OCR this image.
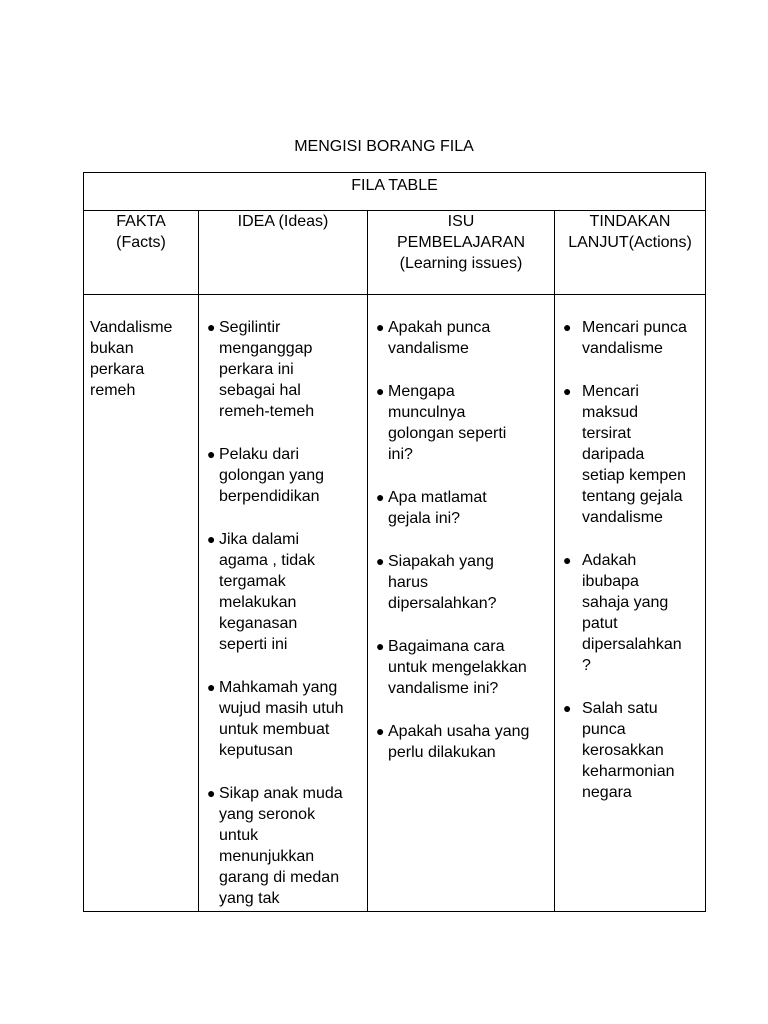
MENGISI BORANG FILA
FILA TABLE
FAKTA
(Facts)
Vandalisme
bukan
perkara
remeh
IDEA (Ideas)
● Segilintir
menganggap
perkara ini
sebagai hal
remeh-temeh
● Pelaku dari
golongan yang
berpendidikan
● Jika dalami
agama , tidak
tergamak
melakukan
keganasan
seperti ini
● Mahkamah yang
wujud masih utuh
untuk membuat
keputusan
● Sikap anak muda
yang seronok
untuk
menunjukkan
garang di medan
yang tak
ISU
PEMBELAJARAN
(Learning issues)
● Apakah punca
vandalisme
● Mengapa
munculnya
golongan seperti
ini?
● Apa matlamat
gejala ini?
● Siapakah yang
harus
dipersalahkan?
● Bagaimana cara
untuk mengelakkan
vandalisme ini?
● Apakah usaha yang
perlu dilakukan
TINDAKAN
LANJUT(Actions)
● Mencari punca
vandalisme
● Mencari
maksud
tersirat
daripada
setiap kempen
tentang gejala
vandalisme
● Adakah
ibubapa
sahaja yang
patut
dipersalahkan
?
● Salah satu
punca
kerosakkan
keharmonian
negara
